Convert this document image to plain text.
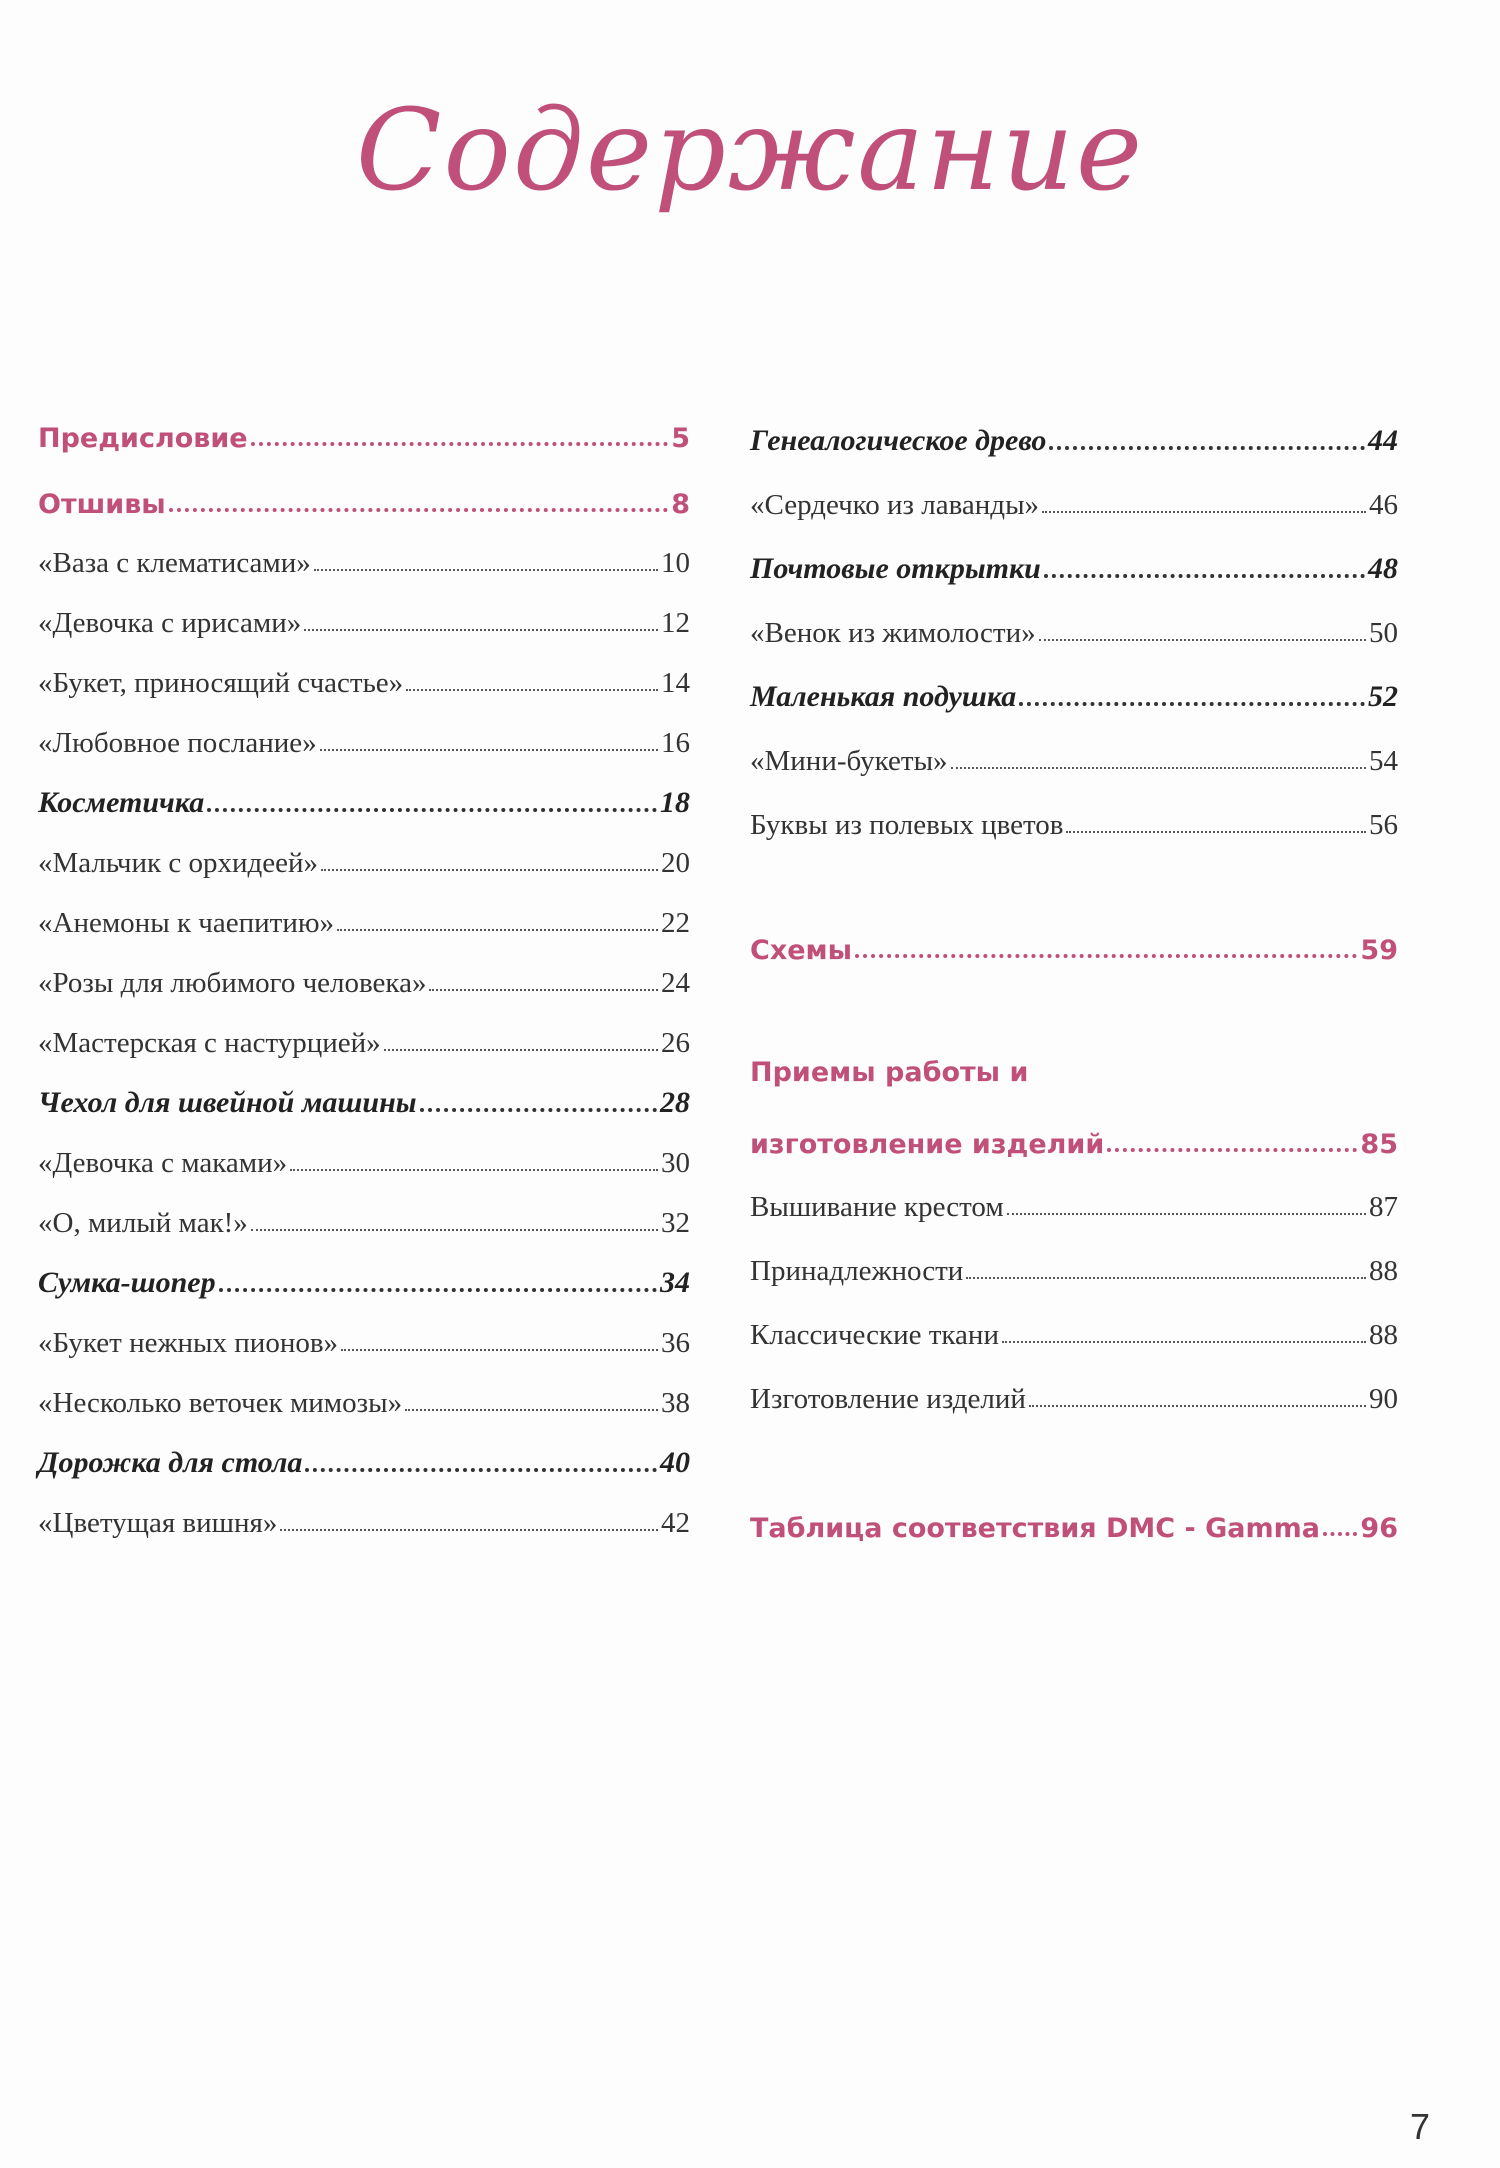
Содержание
Предисловие	5
Отшивы	8
«Ваза с клематисами»	10
«Девочка с ирисами»	12
«Букет, приносящий счастье»	14
«Любовное послание»	16
Косметичка	18
«Мальчик с орхидеей»	20
«Анемоны к чаепитию»	22
«Розы для любимого человека»	24
«Мастерская с настурцией»	26
Чехол для швейной машины	28
«Девочка с маками»	30
«О, милый мак!»	32
Сумка-шопер	34
«Букет нежных пионов»	36
«Несколько веточек мимозы»	38
Дорожка для стола	40
«Цветущая вишня»	42
Генеалогическое древо	44
«Сердечко из лаванды»	46
Почтовые открытки	48
«Венок из жимолости»	50
Маленькая подушка	52
«Мини-букеты»	54
Буквы из полевых цветов	56
Схемы	59
Приемы работы и
изготовление изделий	85
Вышивание крестом	87
Принадлежности	88
Классические ткани	88
Изготовление изделий	90
Таблица соответствия DMC - Gamma 96
7
